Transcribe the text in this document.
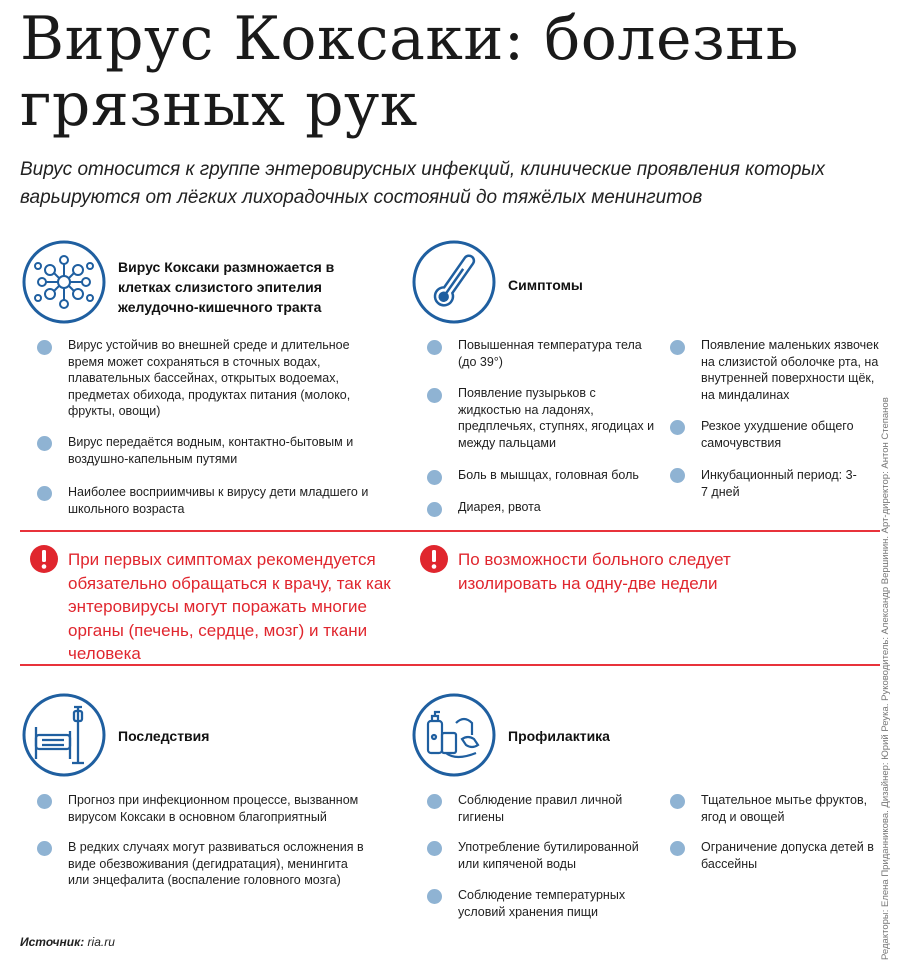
Вирус Коксаки: болезнь грязных рук

Вирус относится к группе энтеровирусных инфекций, клинические проявления которых варьируются от лёгких лихорадочных состояний до тяжёлых менингитов

Вирус Коксаки размножается в клетках слизистого эпителия желудочно-кишечного тракта
Вирус устойчив во внешней среде и длительное время может сохраняться в сточных водах, плавательных бассейнах, открытых водоемах, предметах обихода, продуктах питания (молоко, фрукты, овощи)
Вирус передаётся водным, контактно-бытовым и воздушно-капельным путями
Наиболее восприимчивы к вирусу дети младшего и школьного возраста
Симптомы
Повышенная температура тела (до 39°)
Появление пузырьков с жидкостью на ладонях, предплечьях, ступнях, ягодицах и между пальцами
Боль в мышцах, головная боль
Диарея, рвота
Появление маленьких язвочек на слизистой оболочке рта, на внутренней поверхности щёк, на миндалинах
Резкое ухудшение общего самочувствия
Инкубационный период: 3-7 дней
При первых симптомах рекомендуется обязательно обращаться к врачу, так как энтеровирусы могут поражать многие органы (печень, сердце, мозг) и ткани человека
По возможности больного следует изолировать на одну-две недели
Последствия
Прогноз при инфекционном процессе, вызванном вирусом Коксаки в основном благоприятный
В редких случаях могут развиваться осложнения в виде обезвоживания (дегидратация), менингита или энцефалита (воспаление головного мозга)
Профилактика
Соблюдение правил личной гигиены
Употребление бутилированной или кипяченой воды
Соблюдение температурных условий хранения пищи
Тщательное мытье фруктов, ягод и овощей
Ограничение допуска детей в бассейны
Источник: ria.ru	Редакторы: Елена Приданникова. Дизайнер: Юрий Реука. Руководитель: Александр Вершинин. Арт-директор: Антон Степанов
